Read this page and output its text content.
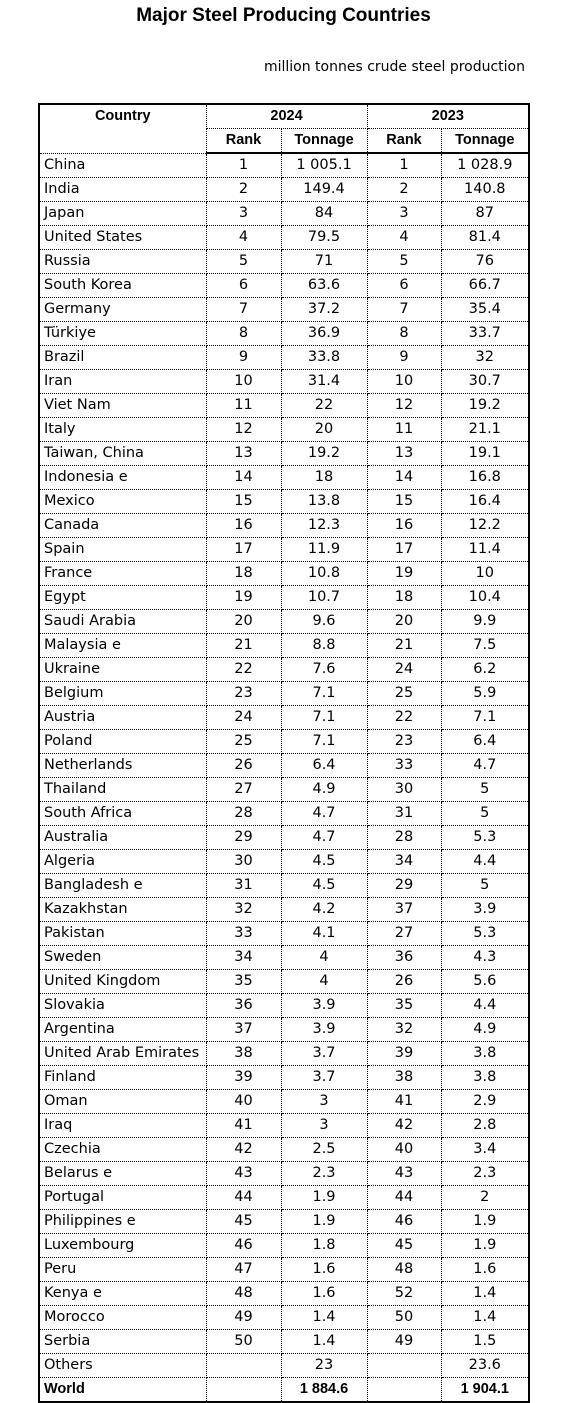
Major Steel Producing Countries
million tonnes crude steel production
Country	2024		2023	
	Rank	Tonnage	Rank	Tonnage
China	1	1 005.1	1	1 028.9
India	2	149.4	2	140.8
Japan	3	84	3	87
United States	4	79.5	4	81.4
Russia	5	71	5	76
South Korea	6	63.6	6	66.7
Germany	7	37.2	7	35.4
Türkiye	8	36.9	8	33.7
Brazil	9	33.8	9	32
Iran	10	31.4	10	30.7
Viet Nam	11	22	12	19.2
Italy	12	20	11	21.1
Taiwan, China	13	19.2	13	19.1
Indonesia e	14	18	14	16.8
Mexico	15	13.8	15	16.4
Canada	16	12.3	16	12.2
Spain	17	11.9	17	11.4
France	18	10.8	19	10
Egypt	19	10.7	18	10.4
Saudi Arabia	20	9.6	20	9.9
Malaysia e	21	8.8	21	7.5
Ukraine	22	7.6	24	6.2
Belgium	23	7.1	25	5.9
Austria	24	7.1	22	7.1
Poland	25	7.1	23	6.4
Netherlands	26	6.4	33	4.7
Thailand	27	4.9	30	5
South Africa	28	4.7	31	5
Australia	29	4.7	28	5.3
Algeria	30	4.5	34	4.4
Bangladesh e	31	4.5	29	5
Kazakhstan	32	4.2	37	3.9
Pakistan	33	4.1	27	5.3
Sweden	34	4	36	4.3
United Kingdom	35	4	26	5.6
Slovakia	36	3.9	35	4.4
Argentina	37	3.9	32	4.9
United Arab Emirates	38	3.7	39	3.8
Finland	39	3.7	38	3.8
Oman	40	3	41	2.9
Iraq	41	3	42	2.8
Czechia	42	2.5	40	3.4
Belarus e	43	2.3	43	2.3
Portugal	44	1.9	44	2
Philippines e	45	1.9	46	1.9
Luxembourg	46	1.8	45	1.9
Peru	47	1.6	48	1.6
Kenya e	48	1.6	52	1.4
Morocco	49	1.4	50	1.4
Serbia	50	1.4	49	1.5
Others		23		23.6
World		1 884.6		1 904.1
